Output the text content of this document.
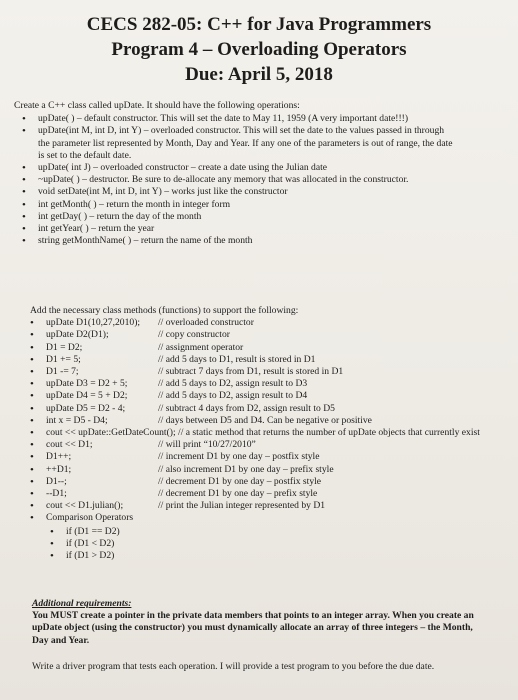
CECS 282-05: C++ for Java Programmers
Program 4 – Overloading Operators
Due: April 5, 2018

Create a C++ class called upDate. It should have the following operations:

• upDate( ) – default constructor. This will set the date to May 11, 1959 (A very important date!!!)
• upDate(int M, int D, int Y) – overloaded constructor. This will set the date to the values passed in through the parameter list represented by Month, Day and Year. If any one of the parameters is out of range, the date is set to the default date.
• upDate( int J) – overloaded constructor – create a date using the Julian date
• ~upDate( ) – destructor. Be sure to de-allocate any memory that was allocated in the constructor.
• void setDate(int M, int D, int Y) – works just like the constructor
• int getMonth( ) – return the month in integer form
• int getDay( ) – return the day of the month
• int getYear( ) – return the year
• string getMonthName( ) – return the name of the month

Add the necessary class methods (functions) to support the following:

• upDate D1(10,27,2010);	// overloaded constructor
• upDate D2(D1);	// copy constructor
• D1 = D2;	// assignment operator
• D1 += 5;	// add 5 days to D1, result is stored in D1
• D1 -= 7;	// subtract 7 days from D1, result is stored in D1
• upDate D3 = D2 + 5;	// add 5 days to D2, assign result to D3
• upDate D4 = 5 + D2;	// add 5 days to D2, assign result to D4
• upDate D5 = D2 - 4;	// subtract 4 days from D2, assign result to D5
• int x = D5 - D4;	// days between D5 and D4. Can be negative or positive
• cout << upDate::GetDateCount(); // a static method that returns the number of upDate objects that currently exist
• cout << D1;	// will print “10/27/2010”
• D1++;	// increment D1 by one day – postfix style
• ++D1;	// also increment D1 by one day – prefix style
• D1--;	// decrement D1 by one day – postfix style
• --D1;	// decrement D1 by one day – prefix style
• cout << D1.julian();	// print the Julian integer represented by D1
• Comparison Operators
• if (D1 == D2)
• if (D1 < D2)
• if (D1 > D2)

Additional requirements:

You MUST create a pointer in the private data members that points to an integer array. When you create an upDate object (using the constructor) you must dynamically allocate an array of three integers – the Month, Day and Year.

Write a driver program that tests each operation. I will provide a test program to you before the due date.
